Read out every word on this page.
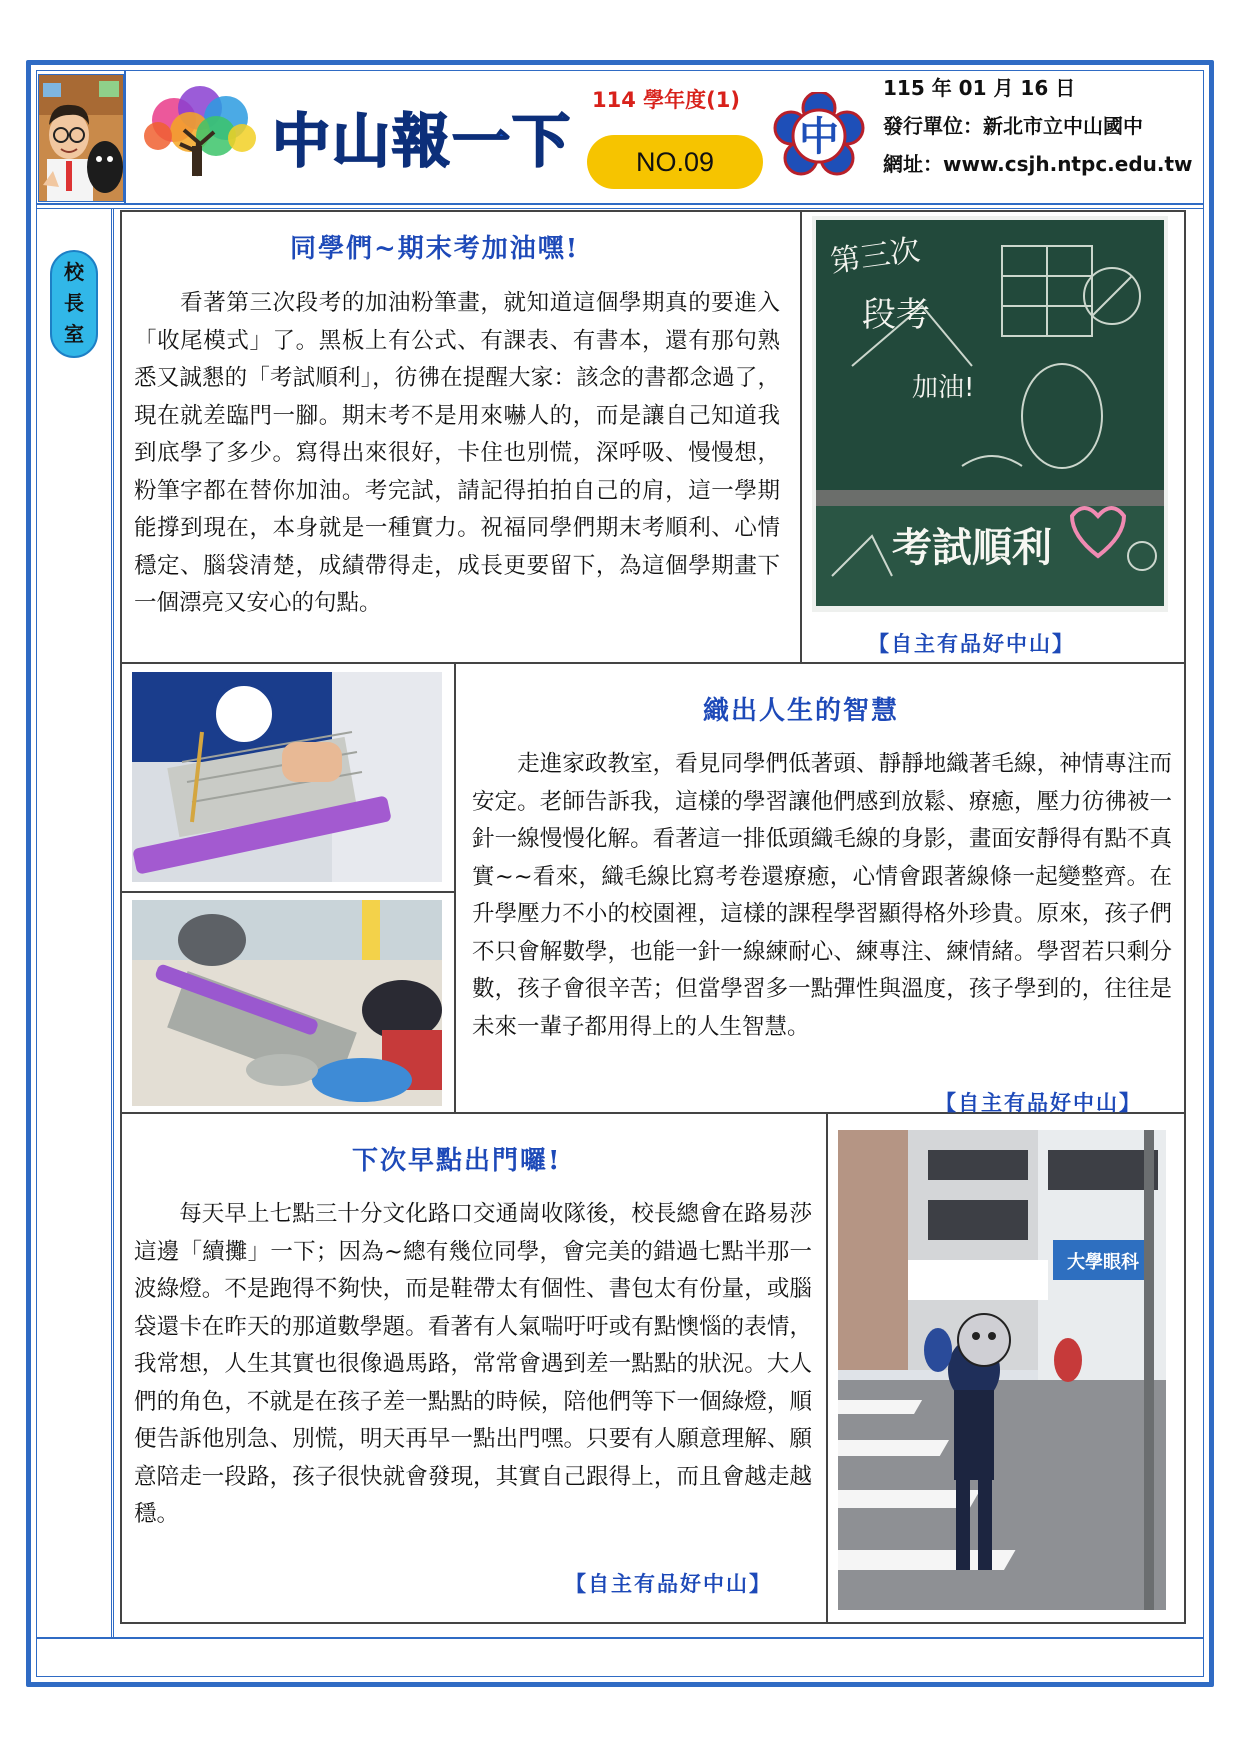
中山報一下
114 學年度(1)
NO.09
中
115 年 01 月 16 日
發行單位：新北市立中山國中
網址：www.csjh.ntpc.edu.tw
校
長
室
同學們~期末考加油嘿!

　　看著第三次段考的加油粉筆畫，就知道這個學期真的要進入「收尾模式」了。黑板上有公式、有課表、有書本，還有那句熟悉又誠懇的「考試順利」，彷彿在提醒大家：該念的書都念過了，現在就差臨門一腳。期末考不是用來嚇人的，而是讓自己知道我到底學了多少。寫得出來很好，卡住也別慌，深呼吸、慢慢想，粉筆字都在替你加油。考完試，請記得拍拍自己的肩，這一學期能撐到現在，本身就是一種實力。祝福同學們期末考順利、心情穩定、腦袋清楚，成績帶得走，成長更要留下，為這個學期畫下一個漂亮又安心的句點。

第三次
段考
加油!
考試順利
【自主有品好中山】
織出人生的智慧

　　走進家政教室，看見同學們低著頭、靜靜地織著毛線，神情專注而安定。老師告訴我，這樣的學習讓他們感到放鬆、療癒，壓力彷彿被一針一線慢慢化解。看著這一排低頭織毛線的身影，畫面安靜得有點不真實~~看來，織毛線比寫考卷還療癒，心情會跟著線條一起變整齊。在升學壓力不小的校園裡，這樣的課程學習顯得格外珍貴。原來，孩子們不只會解數學，也能一針一線練耐心、練專注、練情緒。學習若只剩分數，孩子會很辛苦；但當學習多一點彈性與溫度，孩子學到的，往往是未來一輩子都用得上的人生智慧。

【自主有品好中山】
下次早點出門囉!

　　每天早上七點三十分文化路口交通崗收隊後，校長總會在路易莎這邊「續攤」一下；因為~總有幾位同學，會完美的錯過七點半那一波綠燈。不是跑得不夠快，而是鞋帶太有個性、書包太有份量，或腦袋還卡在昨天的那道數學題。看著有人氣喘吁吁或有點懊惱的表情，我常想，人生其實也很像過馬路，常常會遇到差一點點的狀況。大人們的角色，不就是在孩子差一點點的時候，陪他們等下一個綠燈，順便告訴他別急、別慌，明天再早一點出門嘿。只要有人願意理解、願意陪走一段路，孩子很快就會發現，其實自己跟得上，而且會越走越穩。

【自主有品好中山】
大學眼科
